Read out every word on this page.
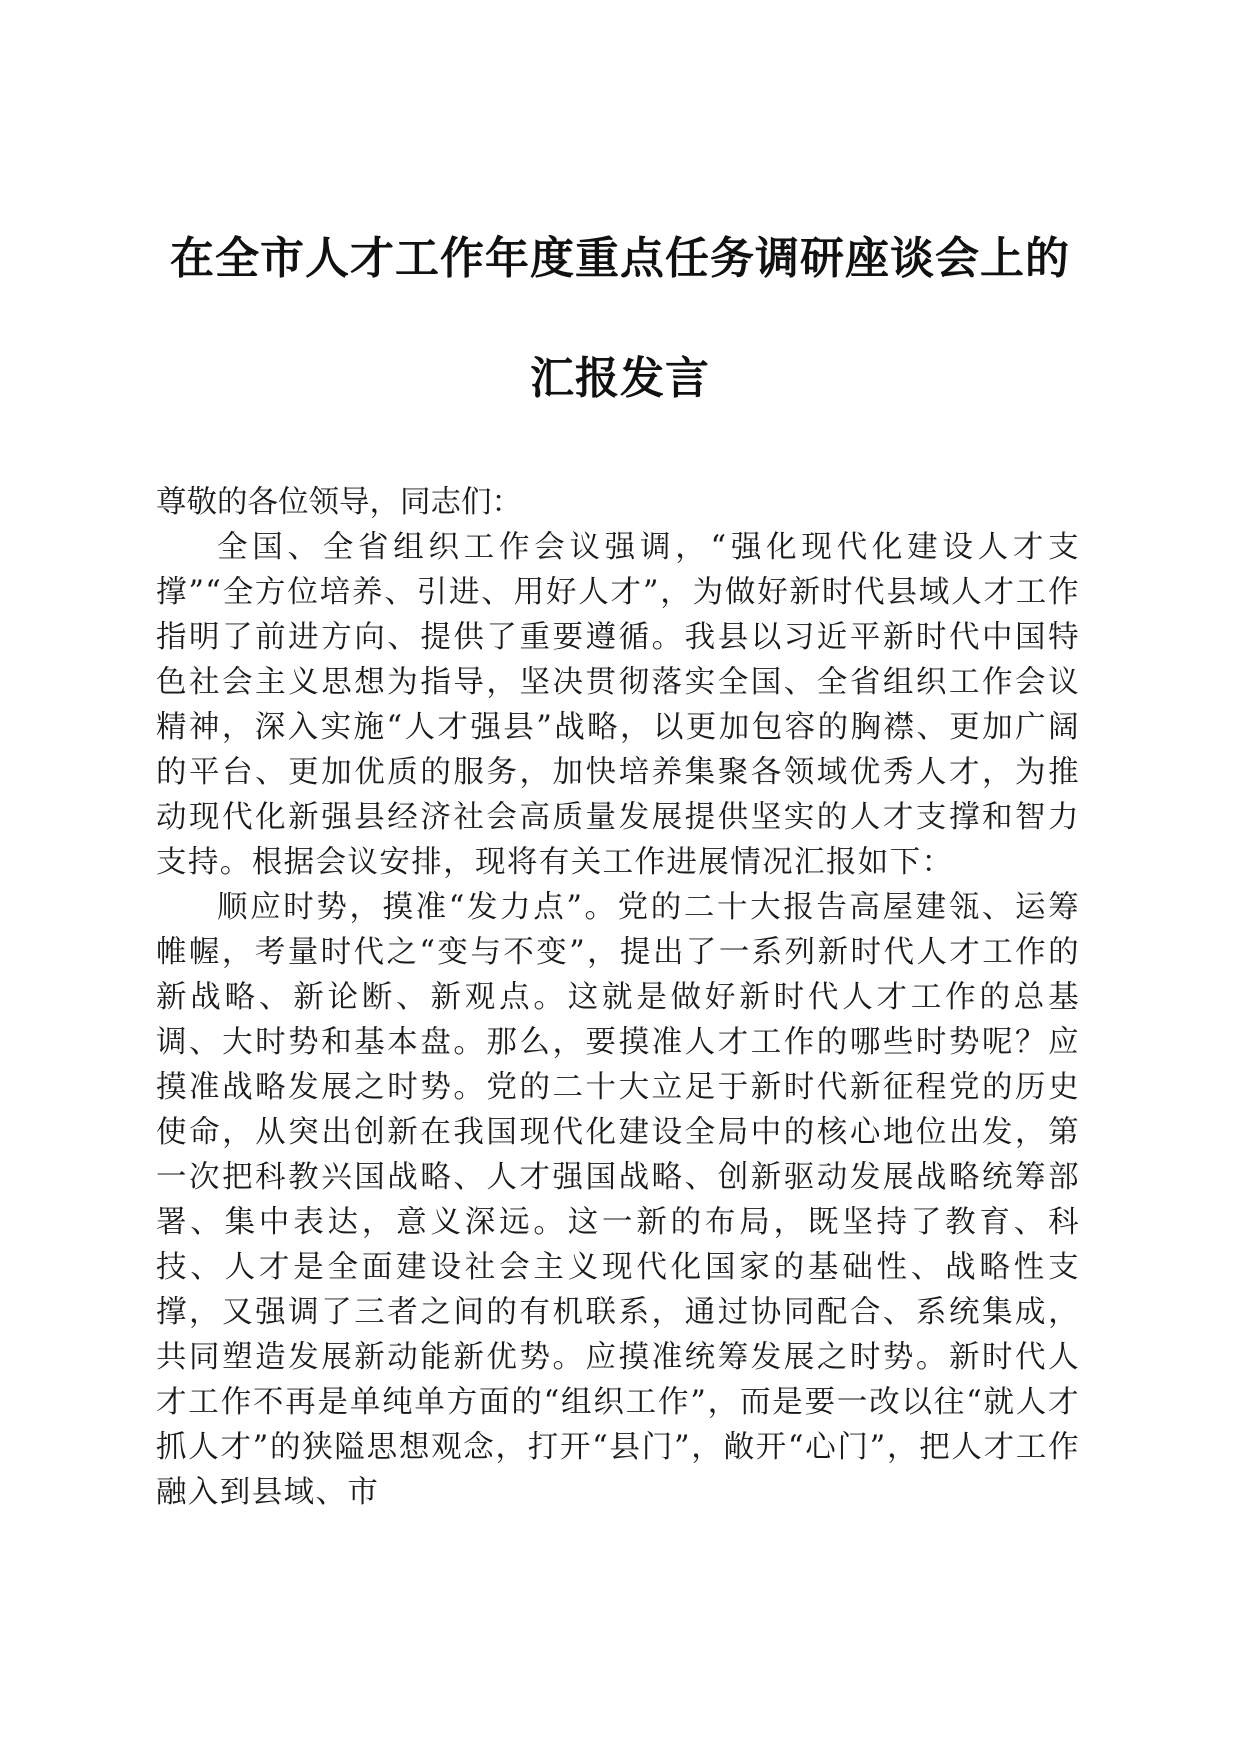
在全市人才工作年度重点任务调研座谈会上的
汇报发言

尊敬的各位领导，同志们：

全国、全省组织工作会议强调，“强化现代化建设人才支撑”“全方位培养、引进、用好人才”，为做好新时代县域人才工作指明了前进方向、提供了重要遵循。我县以习近平新时代中国特色社会主义思想为指导，坚决贯彻落实全国、全省组织工作会议精神，深入实施“人才强县”战略，以更加包容的胸襟、更加广阔的平台、更加优质的服务，加快培养集聚各领域优秀人才，为推动现代化新强县经济社会高质量发展提供坚实的人才支撑和智力支持。根据会议安排，现将有关工作进展情况汇报如下：

顺应时势，摸准“发力点”。党的二十大报告高屋建瓴、运筹帷幄，考量时代之“变与不变”，提出了一系列新时代人才工作的新战略、新论断、新观点。这就是做好新时代人才工作的总基调、大时势和基本盘。那么，要摸准人才工作的哪些时势呢？应摸准战略发展之时势。党的二十大立足于新时代新征程党的历史使命，从突出创新在我国现代化建设全局中的核心地位出发，第一次把科教兴国战略、人才强国战略、创新驱动发展战略统筹部署、集中表达，意义深远。这一新的布局，既坚持了教育、科技、人才是全面建设社会主义现代化国家的基础性、战略性支撑，又强调了三者之间的有机联系，通过协同配合、系统集成，共同塑造发展新动能新优势。应摸准统筹发展之时势。新时代人才工作不再是单纯单方面的“组织工作”，而是要一改以往“就人才抓人才”的狭隘思想观念，打开“县门”，敞开“心门”，把人才工作融入到县域、市
